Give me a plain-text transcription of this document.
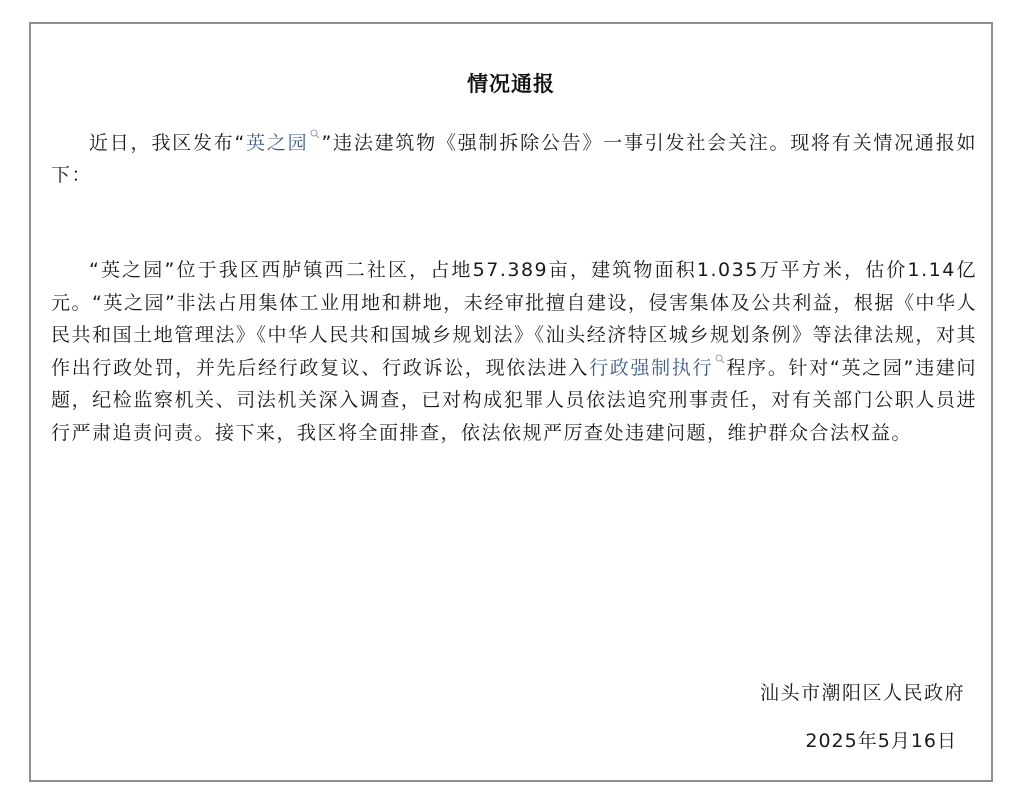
情况通报

近日，我区发布“英之园 ”违法建筑物《强制拆除公告》一事引发社会关注。现将有关情况通报如下：

“英之园”位于我区西胪镇西二社区，占地57.389亩，建筑物面积1.035万平方米，估价1.14亿元。“英之园”非法占用集体工业用地和耕地，未经审批擅自建设，侵害集体及公共利益，根据《中华人民共和国土地管理法》《中华人民共和国城乡规划法》《汕头经济特区城乡规划条例》等法律法规，对其作出行政处罚，并先后经行政复议、行政诉讼，现依法进入行政强制执行 程序。针对“英之园”违建问题，纪检监察机关、司法机关深入调查，已对构成犯罪人员依法追究刑事责任，对有关部门公职人员进行严肃追责问责。接下来，我区将全面排查，依法依规严厉查处违建问题，维护群众合法权益。

汕头市潮阳区人民政府
2025年5月16日
